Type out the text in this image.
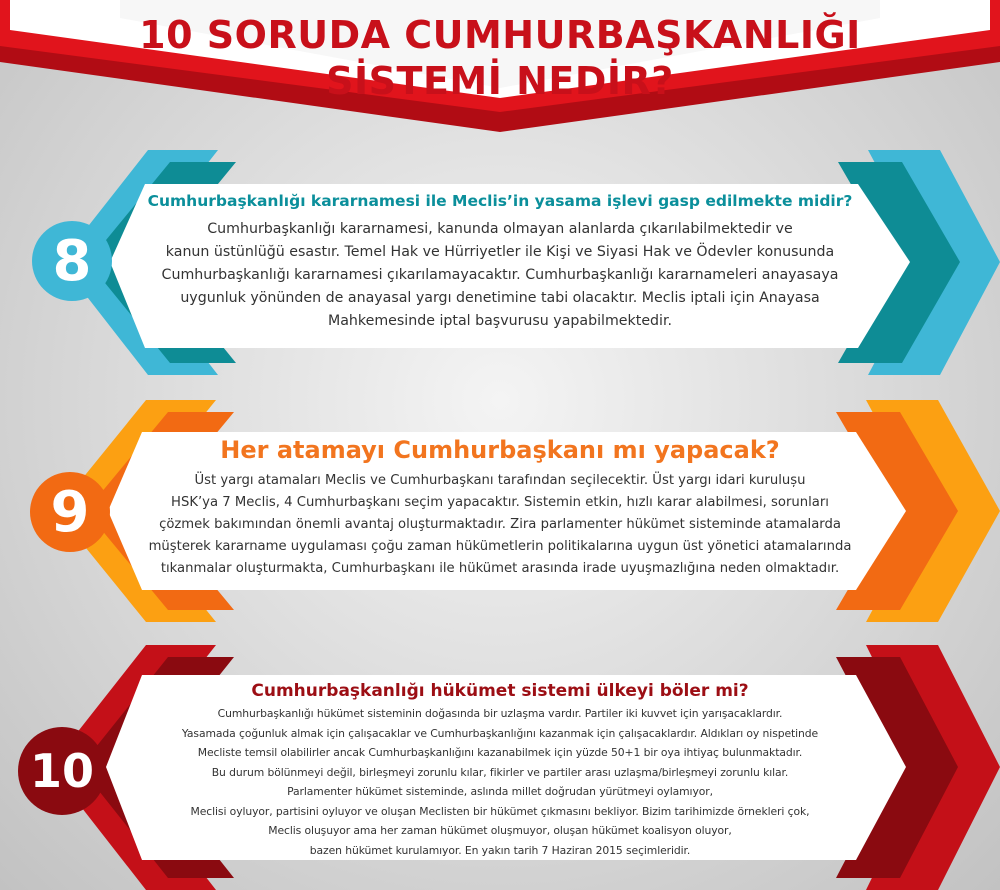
10 SORUDA CUMHURBAŞKANLIĞI
SİSTEMİ NEDİR?
8
Cumhurbaşkanlığı kararnamesi ile Meclis’in yasama işlevi gasp edilmekte midir?

Cumhurbaşkanlığı kararnamesi, kanunda olmayan alanlarda çıkarılabilmektedir ve
kanun üstünlüğü esastır. Temel Hak ve Hürriyetler ile Kişi ve Siyasi Hak ve Ödevler konusunda
Cumhurbaşkanlığı kararnamesi çıkarılamayacaktır. Cumhurbaşkanlığı kararnameleri anayasaya
uygunluk yönünden de anayasal yargı denetimine tabi olacaktır. Meclis iptali için Anayasa
Mahkemesinde iptal başvurusu yapabilmektedir.

9
Her atamayı Cumhurbaşkanı mı yapacak?

Üst yargı atamaları Meclis ve Cumhurbaşkanı tarafından seçilecektir. Üst yargı idari kurulușu
HSK’ya 7 Meclis, 4 Cumhurbaşkanı seçim yapacaktır. Sistemin etkin, hızlı karar alabilmesi, sorunları
çözmek bakımından önemli avantaj oluşturmaktadır. Zira parlamenter hükümet sisteminde atamalarda
müşterek kararname uygulaması çoğu zaman hükümetlerin politikalarına uygun üst yönetici atamalarında
tıkanmalar oluşturmakta, Cumhurbaşkanı ile hükümet arasında irade uyuşmazlığına neden olmaktadır.

10
Cumhurbaşkanlığı hükümet sistemi ülkeyi böler mi?

Cumhurbaşkanlığı hükümet sisteminin doğasında bir uzlaşma vardır. Partiler iki kuvvet için yarışacaklardır.
Yasamada çoğunluk almak için çalışacaklar ve Cumhurbaşkanlığını kazanmak için çalışacaklardır. Aldıkları oy nispetinde
Mecliste temsil olabilirler ancak Cumhurbaşkanlığını kazanabilmek için yüzde 50+1 bir oya ihtiyaç bulunmaktadır.
Bu durum bölünmeyi değil, birleşmeyi zorunlu kılar, fikirler ve partiler arası uzlaşma/birleşmeyi zorunlu kılar.
Parlamenter hükümet sisteminde, aslında millet doğrudan yürütmeyi oylamıyor,
Meclisi oyluyor, partisini oyluyor ve oluşan Meclisten bir hükümet çıkmasını bekliyor. Bizim tarihimizde örnekleri çok,
Meclis oluşuyor ama her zaman hükümet oluşmuyor, oluşan hükümet koalisyon oluyor,
bazen hükümet kurulamıyor. En yakın tarih 7 Haziran 2015 seçimleridir.
